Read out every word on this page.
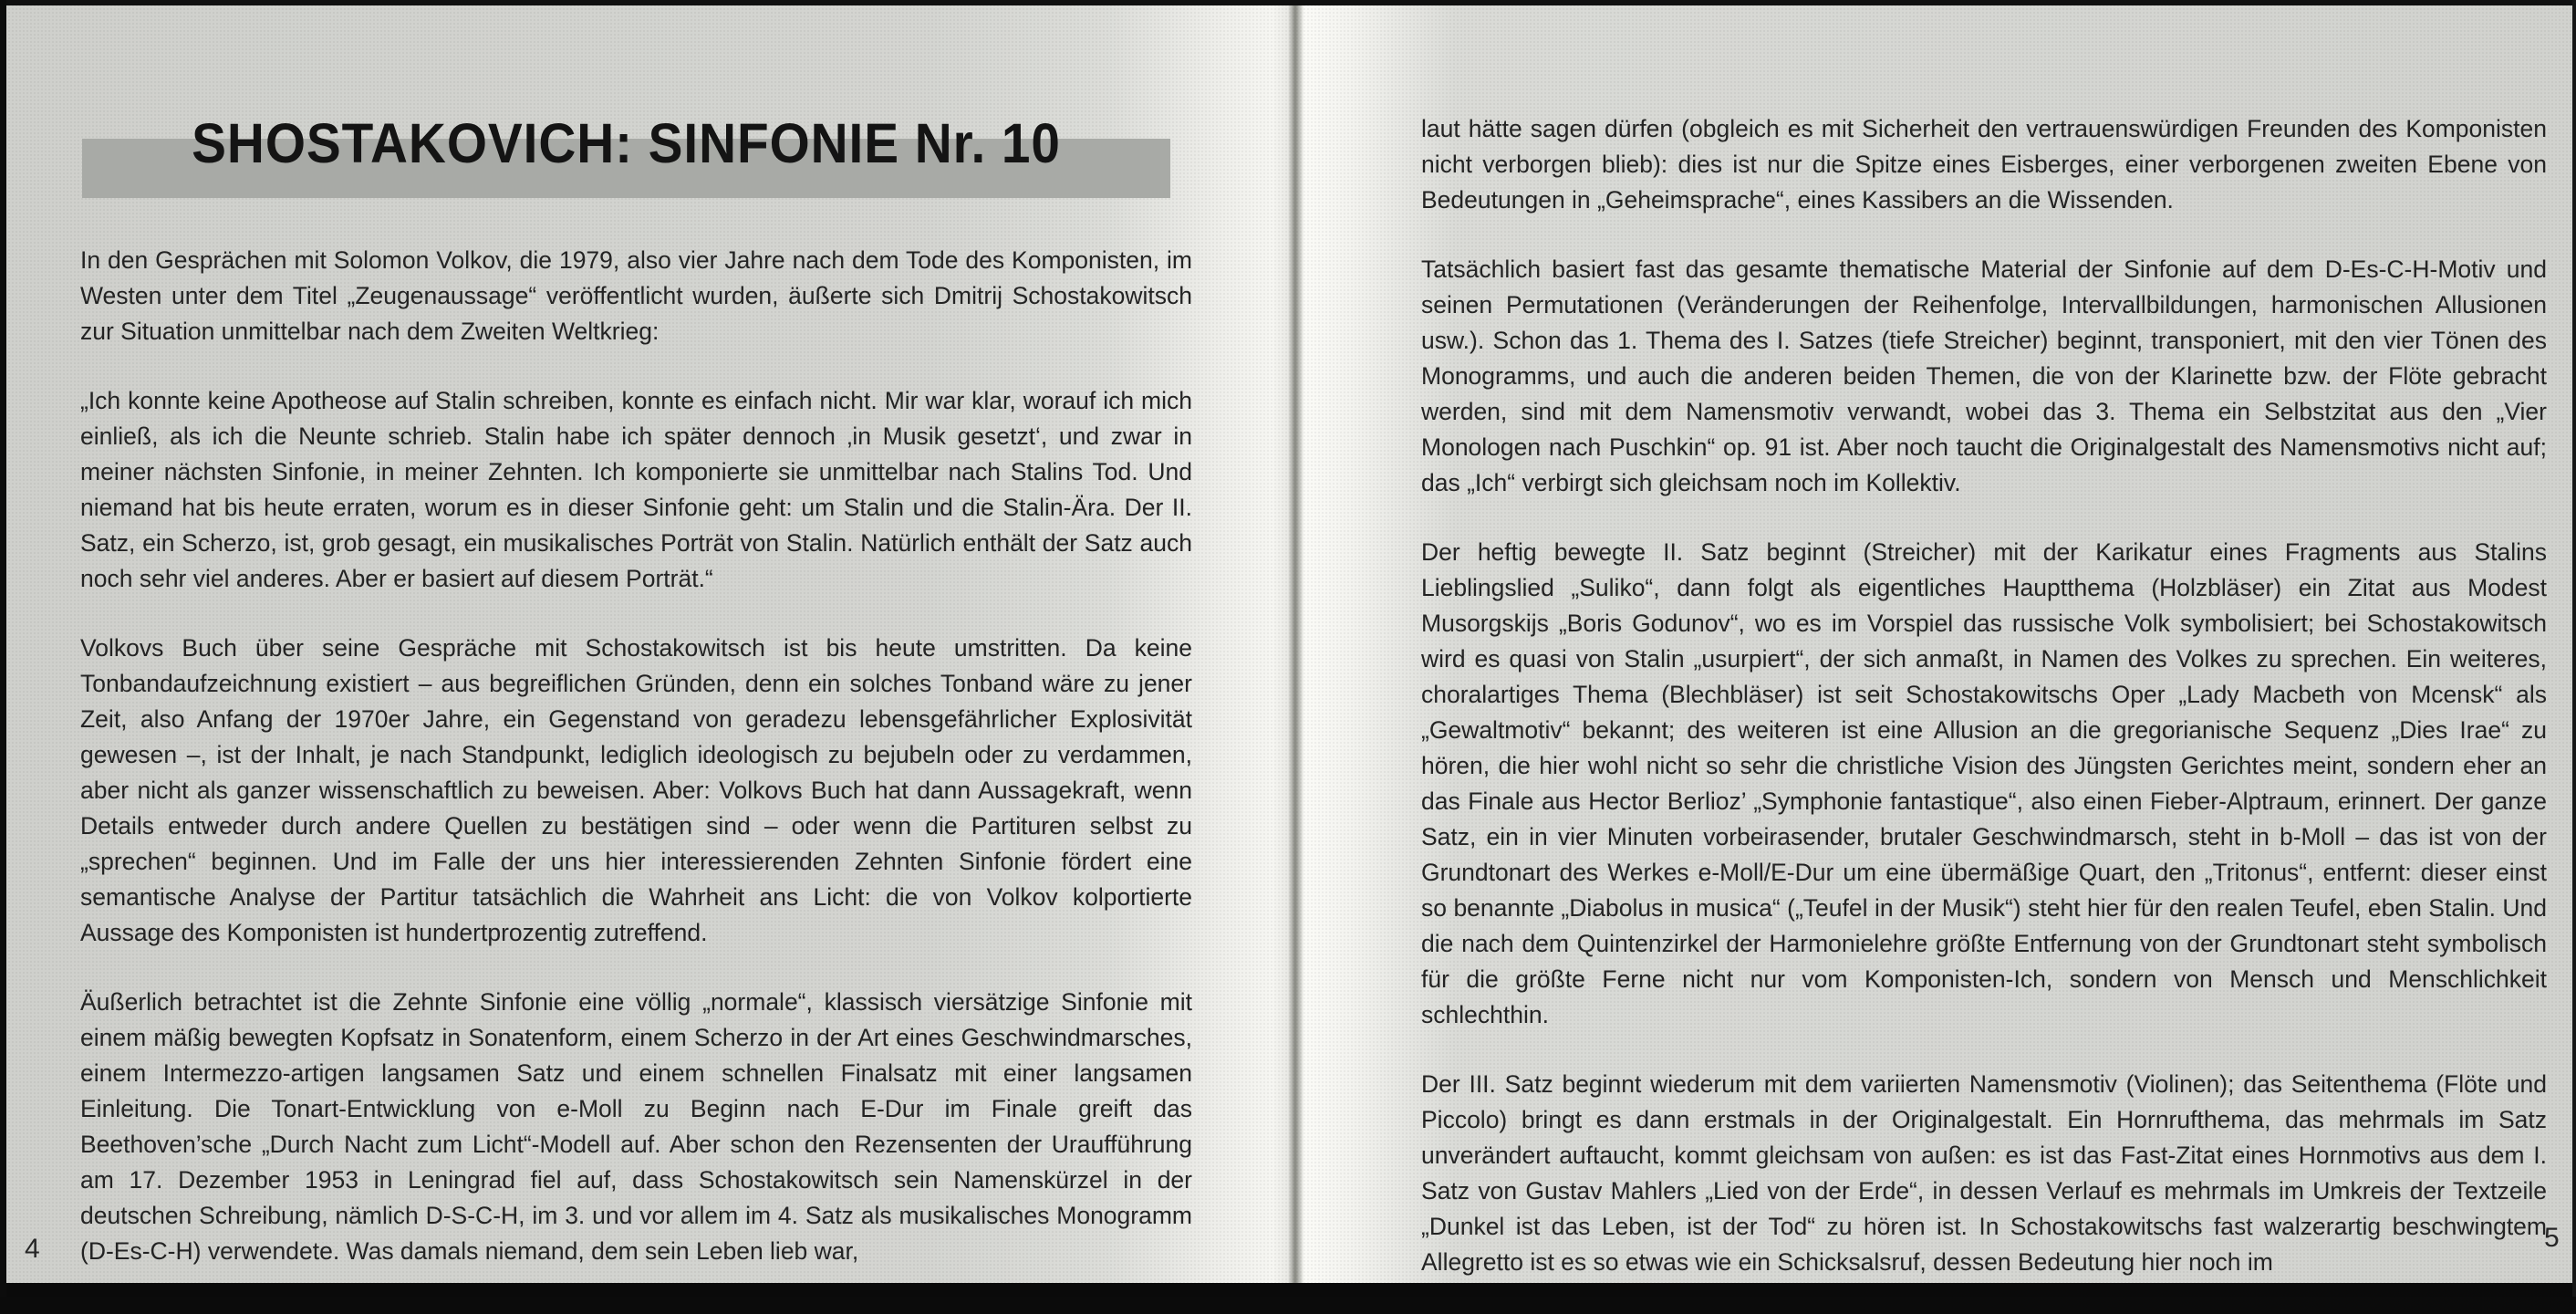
SHOSTAKOVICH: SINFONIE Nr. 10

In den Gesprächen mit Solomon Volkov, die 1979, also vier Jahre nach dem Tode des Komponisten, im Westen unter dem Titel „Zeugenaussage“ veröffentlicht wurden, äußerte sich Dmitrij Schostakowitsch zur Situation unmittelbar nach dem Zweiten Weltkrieg:

„Ich konnte keine Apotheose auf Stalin schreiben, konnte es einfach nicht. Mir war klar, worauf ich mich einließ, als ich die Neunte schrieb. Stalin habe ich später dennoch ‚in Musik gesetzt‘, und zwar in meiner nächsten Sinfonie, in meiner Zehnten. Ich komponierte sie unmittelbar nach Stalins Tod. Und niemand hat bis heute erraten, worum es in dieser Sinfonie geht: um Stalin und die Stalin-Ära. Der II. Satz, ein Scherzo, ist, grob gesagt, ein musikalisches Porträt von Stalin. Natürlich enthält der Satz auch noch sehr viel anderes. Aber er basiert auf diesem Porträt.“

Volkovs Buch über seine Gespräche mit Schostakowitsch ist bis heute umstritten. Da keine Tonbandaufzeichnung existiert – aus begreiflichen Gründen, denn ein solches Tonband wäre zu jener Zeit, also Anfang der 1970er Jahre, ein Gegenstand von geradezu lebensgefährlicher Explosivität gewesen –, ist der Inhalt, je nach Standpunkt, lediglich ideologisch zu bejubeln oder zu verdammen, aber nicht als ganzer wissenschaftlich zu beweisen. Aber: Volkovs Buch hat dann Aussagekraft, wenn Details entweder durch andere Quellen zu bestätigen sind – oder wenn die Partituren selbst zu „sprechen“ beginnen. Und im Falle der uns hier interessierenden Zehnten Sinfonie fördert eine semantische Analyse der Partitur tatsächlich die Wahrheit ans Licht: die von Volkov kolportierte Aussage des Komponisten ist hundertprozentig zutreffend.

Äußerlich betrachtet ist die Zehnte Sinfonie eine völlig „normale“, klassisch viersätzige Sinfonie mit einem mäßig bewegten Kopfsatz in Sonatenform, einem Scherzo in der Art eines Geschwindmarsches, einem Intermezzo-artigen langsamen Satz und einem schnellen Finalsatz mit einer langsamen Einleitung. Die Tonart-Entwicklung von e-Moll zu Beginn nach E-Dur im Finale greift das Beethoven’sche „Durch Nacht zum Licht“-Modell auf. Aber schon den Rezensenten der Uraufführung am 17. Dezember 1953 in Leningrad fiel auf, dass Schostakowitsch sein Namenskürzel in der deutschen Schreibung, nämlich D-S-C-H, im 3. und vor allem im 4. Satz als musikalisches Monogramm (D-Es-C-H) verwendete. Was damals niemand, dem sein Leben lieb war,

4

laut hätte sagen dürfen (obgleich es mit Sicherheit den vertrauenswürdigen Freunden des Komponisten nicht verborgen blieb): dies ist nur die Spitze eines Eisberges, einer verborgenen zweiten Ebene von Bedeutungen in „Geheimsprache“, eines Kassibers an die Wissenden.

Tatsächlich basiert fast das gesamte thematische Material der Sinfonie auf dem D-Es-C-H-Motiv und seinen Permutationen (Veränderungen der Reihenfolge, Intervallbildungen, harmonischen Allusionen usw.). Schon das 1. Thema des I. Satzes (tiefe Streicher) beginnt, transponiert, mit den vier Tönen des Monogramms, und auch die anderen beiden Themen, die von der Klarinette bzw. der Flöte gebracht werden, sind mit dem Namensmotiv verwandt, wobei das 3. Thema ein Selbstzitat aus den „Vier Monologen nach Puschkin“ op. 91 ist. Aber noch taucht die Originalgestalt des Namensmotivs nicht auf; das „Ich“ verbirgt sich gleichsam noch im Kollektiv.

Der heftig bewegte II. Satz beginnt (Streicher) mit der Karikatur eines Fragments aus Stalins Lieblingslied „Suliko“, dann folgt als eigentliches Hauptthema (Holzbläser) ein Zitat aus Modest Musorgskijs „Boris Godunov“, wo es im Vorspiel das russische Volk symbolisiert; bei Schostakowitsch wird es quasi von Stalin „usurpiert“, der sich anmaßt, in Namen des Volkes zu sprechen. Ein weiteres, choralartiges Thema (Blechbläser) ist seit Schostakowitschs Oper „Lady Macbeth von Mcensk“ als „Gewaltmotiv“ bekannt; des weiteren ist eine Allusion an die gregorianische Sequenz „Dies Irae“ zu hören, die hier wohl nicht so sehr die christliche Vision des Jüngsten Gerichtes meint, sondern eher an das Finale aus Hector Berlioz’ „Symphonie fantastique“, also einen Fieber-Alptraum, erinnert. Der ganze Satz, ein in vier Minuten vorbeirasender, brutaler Geschwindmarsch, steht in b-Moll – das ist von der Grundtonart des Werkes e-Moll/E-Dur um eine übermäßige Quart, den „Tritonus“, entfernt: dieser einst so benannte „Diabolus in musica“ („Teufel in der Musik“) steht hier für den realen Teufel, eben Stalin. Und die nach dem Quintenzirkel der Harmonielehre größte Entfernung von der Grundtonart steht symbolisch für die größte Ferne nicht nur vom Komponisten-Ich, sondern von Mensch und Menschlichkeit schlechthin.

Der III. Satz beginnt wiederum mit dem variierten Namensmotiv (Violinen); das Seitenthema (Flöte und Piccolo) bringt es dann erstmals in der Originalgestalt. Ein Hornrufthema, das mehrmals im Satz unverändert auftaucht, kommt gleichsam von außen: es ist das Fast-Zitat eines Hornmotivs aus dem I. Satz von Gustav Mahlers „Lied von der Erde“, in dessen Verlauf es mehrmals im Umkreis der Textzeile „Dunkel ist das Leben, ist der Tod“ zu hören ist. In Schostakowitschs fast walzerartig beschwingtem Allegretto ist es so etwas wie ein Schicksalsruf, dessen Bedeutung hier noch im

5
